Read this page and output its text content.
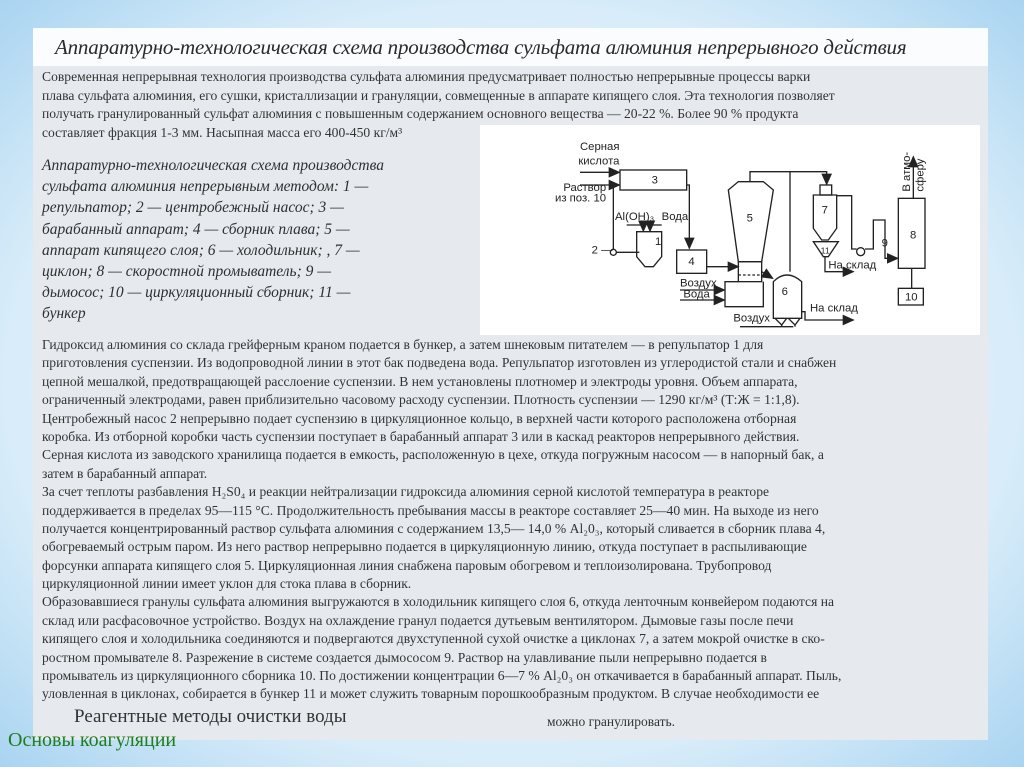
Аппаратурно-технологическая схема производства сульфата алюминия непрерывного действия
Современная непрерывная технология производства сульфата алюминия предусматривает полностью непрерывные процессы варки
плава сульфата алюминия, его сушки, кристаллизации и грануляции, совмещенные в аппарате кипящего слоя. Эта технология позволяет
получать гранулированный сульфат алюминия с повышенным содержанием основного вещества — 20-22 %. Более 90 % продукта
составляет фракция 1-3 мм. Насыпная масса его 400-450 кг/м³
Аппаратурно-технологическая схема производства
сульфата алюминия непрерывным методом: 1 —
репульпатор; 2 — центробежный насос; 3 —
барабанный аппарат; 4 — сборник плава; 5 —
аппарат кипящего слоя; 6 — холодильник; , 7 —
циклон; 8 — скоростной промыватель; 9 —
дымосос; 10 — циркуляционный сборник; 11 —
бункер
Серная
кислота
Раствор
из поз. 10
Al(OH)₃ Вода
Воздух
Вода
Воздух
На склад
На склад
В атмо- сферу
1
2 —
3
4
5
6
7
8
9
10
11
Гидроксид алюминия со склада грейферным краном подается в бункер, а затем шнековым питателем — в репульпатор 1 для
приготовления суспензии. Из водопроводной линии в этот бак подведена вода. Репульпатор изготовлен из углеродистой стали и снабжен
цепной мешалкой, предотвращающей расслоение суспензии. В нем установлены плотномер и электроды уровня. Объем аппарата,
ограниченный электродами, равен приблизительно часовому расходу суспензии. Плотность суспензии — 1290 кг/м³ (Т:Ж = 1:1,8).
Центробежный насос 2 непрерывно подает суспензию в циркуляционное кольцо, в верхней части которого расположена отборная
коробка. Из отборной коробки часть суспензии поступает в барабанный аппарат 3 или в каскад реакторов непрерывного действия.
Серная кислота из заводского хранилища подается в емкость, расположенную в цехе, откуда погружным насосом — в напорный бак, а
затем в барабанный аппарат.
За счет теплоты разбавления H₂S0₄ и реакции нейтрализации гидроксида алюминия серной кислотой температура в реакторе
поддерживается в пределах 95—115 °С. Продолжительность пребывания массы в реакторе составляет 25—40 мин. На выходе из него
получается концентрированный раствор сульфата алюминия с содержанием 13,5— 14,0 % Al₂0₃, который сливается в сборник плава 4,
обогреваемый острым паром. Из него раствор непрерывно подается в циркуляционную линию, откуда поступает в распыливающие
форсунки аппарата кипящего слоя 5. Циркуляционная линия снабжена паровым обогревом и теплоизолирована. Трубопровод
циркуляционной линии имеет уклон для стока плава в сборник.
Образовавшиеся гранулы сульфата алюминия выгружаются в холодильник кипящего слоя 6, откуда ленточным конвейером подаются на
склад или расфасовочное устройство. Воздух на охлаждение гранул подается дутьевым вентилятором. Дымовые газы после печи
кипящего слоя и холодильника соединяются и подвергаются двухступенной сухой очистке а циклонах 7, а затем мокрой очистке в ско-
ростном промывателе 8. Разрежение в системе создается дымососом 9. Раствор на улавливание пыли непрерывно подается в
промыватель из циркуляционного сборника 10. По достижении концентрации 6—7 % Al₂0₃ он откачивается в барабанный аппарат. Пыль,
уловленная в циклонах, собирается в бункер 11 и может служить товарным порошкообразным продуктом. В случае необходимости ее
Реагентные методы очистки воды	можно гранулировать.
Основы коагуляции
